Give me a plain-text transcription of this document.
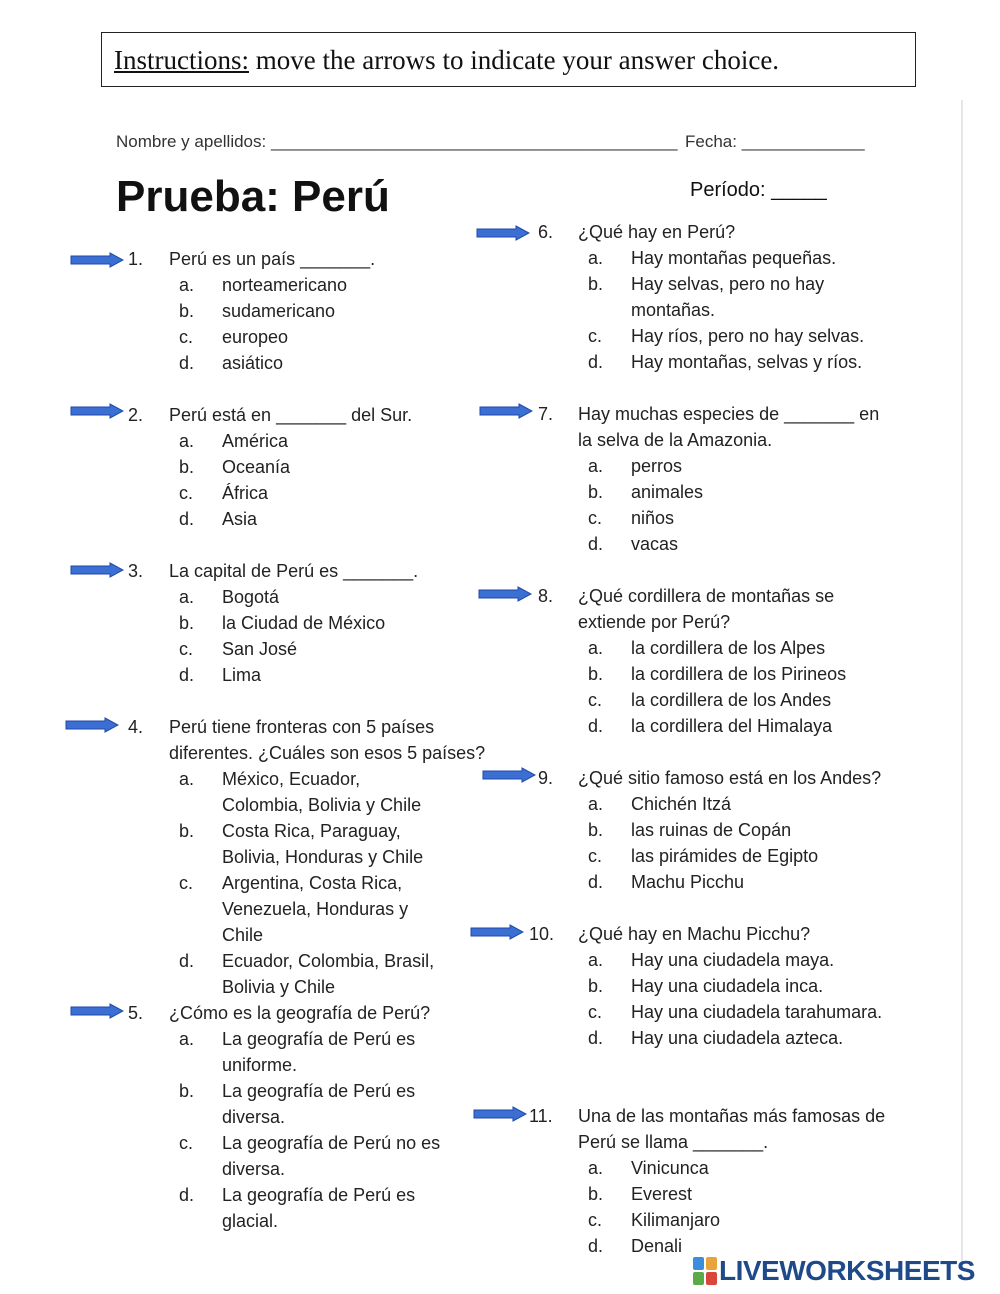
Instructions: move the arrows to indicate your answer choice.
Nombre y apellidos: ___________________________________________ Fecha: _____________
Prueba: Perú	Período: _____
1. Perú es un país _______.
a. norteamericano
b. sudamericano
c. europeo
d. asiático
2. Perú está en _______ del Sur.
a. América
b. Oceanía
c. África
d. Asia
3. La capital de Perú es _______.
a. Bogotá
b. la Ciudad de México
c. San José
d. Lima
4. Perú tiene fronteras con 5 países diferentes. ¿Cuáles son esos 5 países?
a. México, Ecuador, Colombia, Bolivia y Chile
b. Costa Rica, Paraguay, Bolivia, Honduras y Chile
c. Argentina, Costa Rica, Venezuela, Honduras y Chile
d. Ecuador, Colombia, Brasil, Bolivia y Chile
5. ¿Cómo es la geografía de Perú?
a. La geografía de Perú es uniforme.
b. La geografía de Perú es diversa.
c. La geografía de Perú no es diversa.
d. La geografía de Perú es glacial.
6. ¿Qué hay en Perú?
a. Hay montañas pequeñas.
b. Hay selvas, pero no hay montañas.
c. Hay ríos, pero no hay selvas.
d. Hay montañas, selvas y ríos.
7. Hay muchas especies de _______ en la selva de la Amazonia.
a. perros
b. animales
c. niños
d. vacas
8. ¿Qué cordillera de montañas se extiende por Perú?
a. la cordillera de los Alpes
b. la cordillera de los Pirineos
c. la cordillera de los Andes
d. la cordillera del Himalaya
9. ¿Qué sitio famoso está en los Andes?
a. Chichén Itzá
b. las ruinas de Copán
c. las pirámides de Egipto
d. Machu Picchu
10. ¿Qué hay en Machu Picchu?
a. Hay una ciudadela maya.
b. Hay una ciudadela inca.
c. Hay una ciudadela tarahumara.
d. Hay una ciudadela azteca.
11. Una de las montañas más famosas de Perú se llama _______.
a. Vinicunca
b. Everest
c. Kilimanjaro
d. Denali
LIVEWORKSHEETS
